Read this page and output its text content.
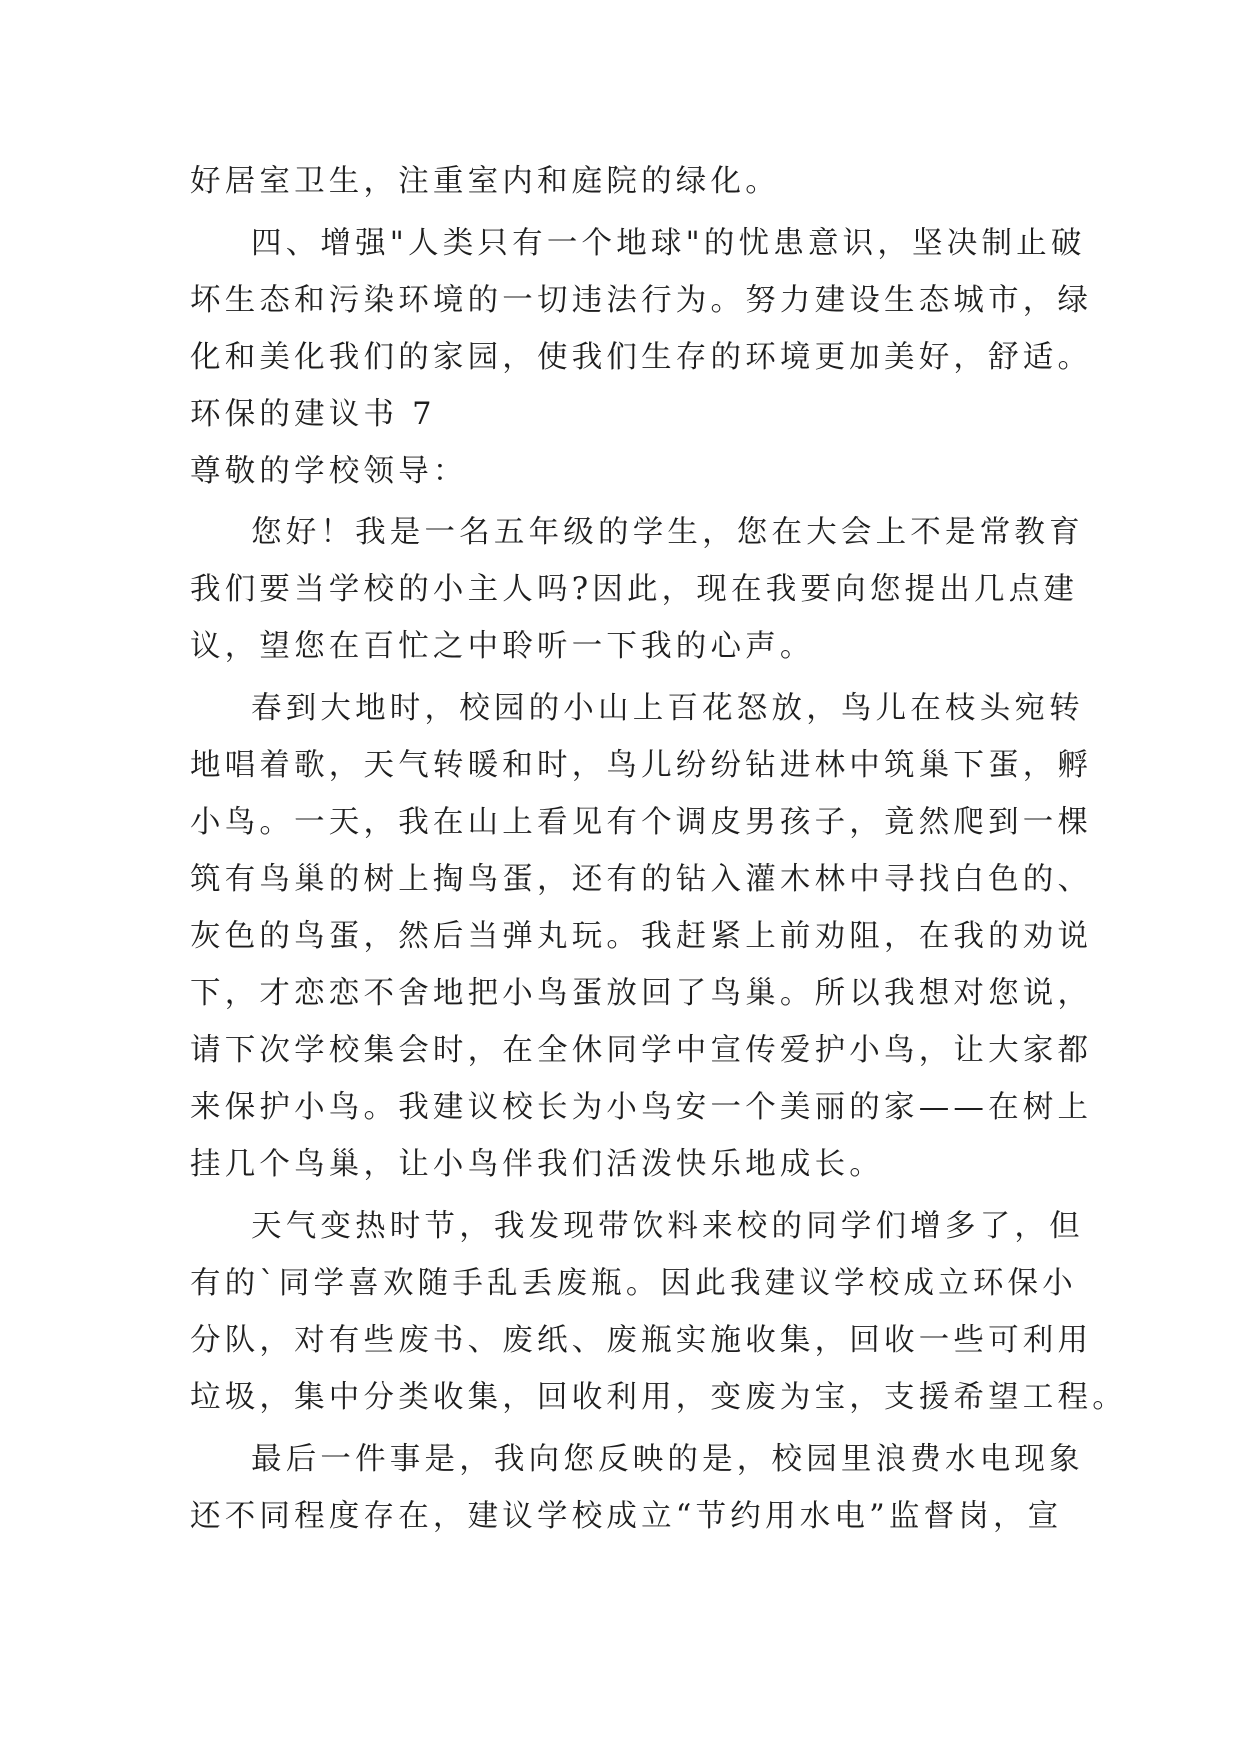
好居室卫生，注重室内和庭院的绿化。

四、增强"人类只有一个地球"的忧患意识，坚决制止破

坏生态和污染环境的一切违法行为。努力建设生态城市，绿

化和美化我们的家园，使我们生存的环境更加美好，舒适。

环保的建议书 7

尊敬的学校领导：

您好！我是一名五年级的学生，您在大会上不是常教育

我们要当学校的小主人吗?因此，现在我要向您提出几点建

议，望您在百忙之中聆听一下我的心声。

春到大地时，校园的小山上百花怒放，鸟儿在枝头宛转

地唱着歌，天气转暖和时，鸟儿纷纷钻进林中筑巢下蛋，孵

小鸟。一天，我在山上看见有个调皮男孩子，竟然爬到一棵

筑有鸟巢的树上掏鸟蛋，还有的钻入灌木林中寻找白色的、

灰色的鸟蛋，然后当弹丸玩。我赶紧上前劝阻，在我的劝说

下，才恋恋不舍地把小鸟蛋放回了鸟巢。所以我想对您说，

请下次学校集会时，在全休同学中宣传爱护小鸟，让大家都

来保护小鸟。我建议校长为小鸟安一个美丽的家——在树上

挂几个鸟巢，让小鸟伴我们活泼快乐地成长。

天气变热时节，我发现带饮料来校的同学们增多了，但

有的`同学喜欢随手乱丢废瓶。因此我建议学校成立环保小

分队，对有些废书、废纸、废瓶实施收集，回收一些可利用

垃圾，集中分类收集，回收利用，变废为宝，支援希望工程。

最后一件事是，我向您反映的是，校园里浪费水电现象

还不同程度存在，建议学校成立“节约用水电”监督岗，宣
